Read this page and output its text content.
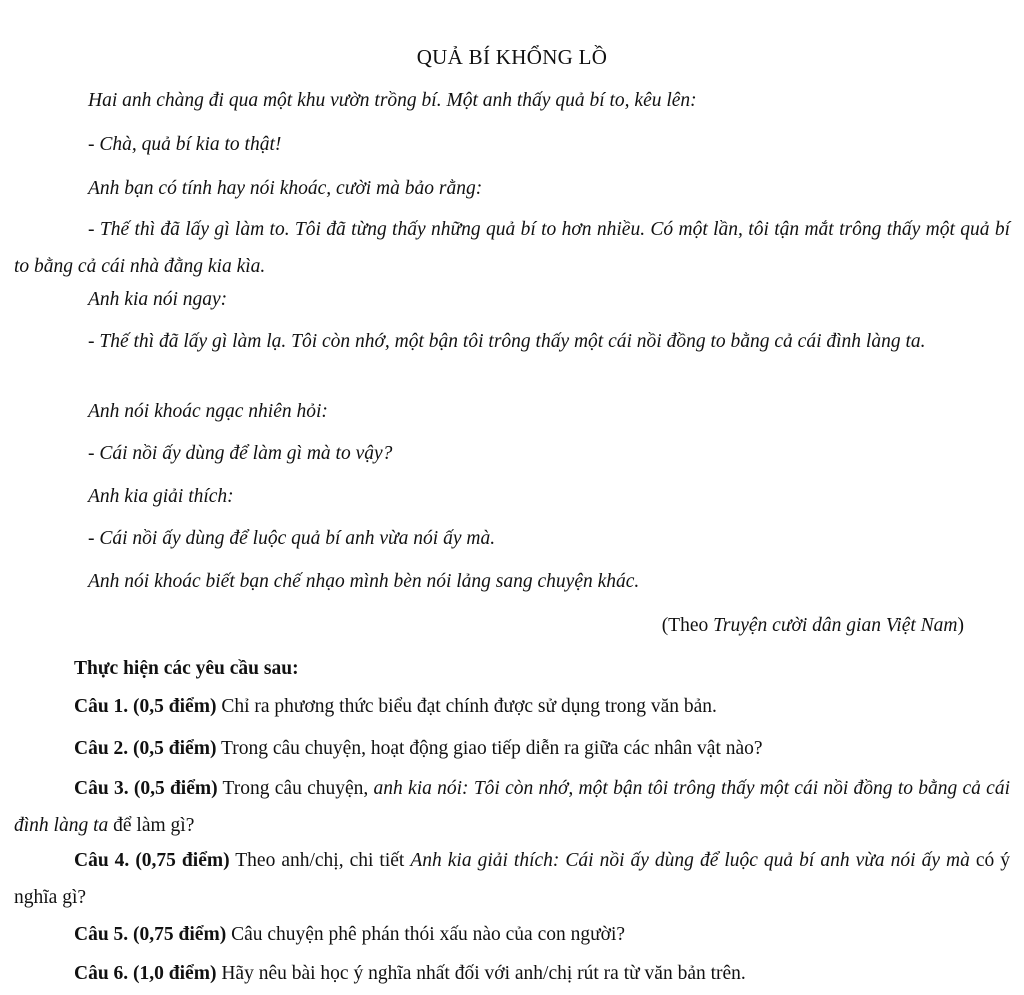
QUẢ BÍ KHỔNG LỒ

Hai anh chàng đi qua một khu vườn trồng bí. Một anh thấy quả bí to, kêu lên:

- Chà, quả bí kia to thật!

Anh bạn có tính hay nói khoác, cười mà bảo rằng:

- Thế thì đã lấy gì làm to. Tôi đã từng thấy những quả bí to hơn nhiều. Có một lần, tôi tận mắt trông thấy một quả bí to bằng cả cái nhà đằng kia kìa.

Anh kia nói ngay:

- Thế thì đã lấy gì làm lạ. Tôi còn nhớ, một bận tôi trông thấy một cái nồi đồng to bằng cả cái đình làng ta.

Anh nói khoác ngạc nhiên hỏi:

- Cái nồi ấy dùng để làm gì mà to vậy?

Anh kia giải thích:

- Cái nồi ấy dùng để luộc quả bí anh vừa nói ấy mà.

Anh nói khoác biết bạn chế nhạo mình bèn nói lảng sang chuyện khác.

(Theo Truyện cười dân gian Việt Nam)

Thực hiện các yêu cầu sau:

Câu 1. (0,5 điểm) Chỉ ra phương thức biểu đạt chính được sử dụng trong văn bản.

Câu 2. (0,5 điểm) Trong câu chuyện, hoạt động giao tiếp diễn ra giữa các nhân vật nào?

Câu 3. (0,5 điểm) Trong câu chuyện, anh kia nói: Tôi còn nhớ, một bận tôi trông thấy một cái nồi đồng to bằng cả cái đình làng ta để làm gì?

Câu 4. (0,75 điểm) Theo anh/chị, chi tiết Anh kia giải thích: Cái nồi ấy dùng để luộc quả bí anh vừa nói ấy mà có ý nghĩa gì?

Câu 5. (0,75 điểm) Câu chuyện phê phán thói xấu nào của con người?

Câu 6. (1,0 điểm) Hãy nêu bài học ý nghĩa nhất đối với anh/chị rút ra từ văn bản trên.
